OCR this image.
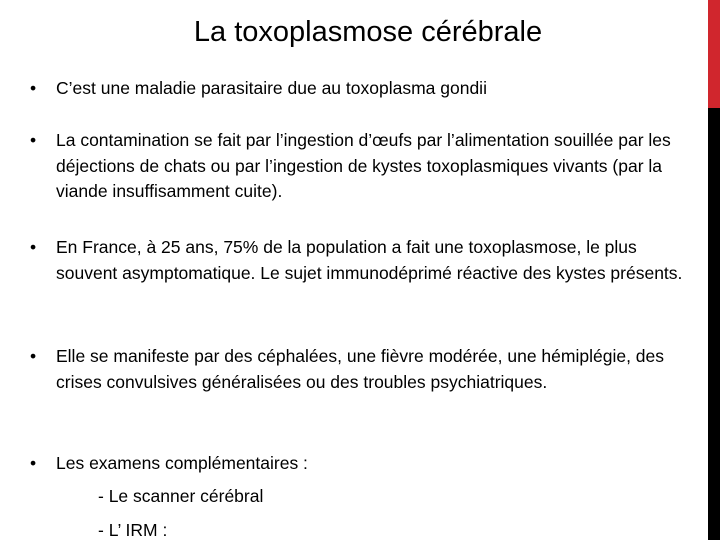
La toxoplasmose cérébrale
• C’est une maladie parasitaire due au toxoplasma gondii
• La contamination se fait par l’ingestion d’œufs par l’alimentation souillée par les déjections de chats ou par l’ingestion de kystes toxoplasmiques vivants (par la viande insuffisamment cuite).
• En France, à 25 ans, 75% de la population a fait une toxoplasmose, le plus souvent asymptomatique. Le sujet immunodéprimé réactive des kystes présents.
• Elle se manifeste par des céphalées, une fièvre modérée, une hémiplégie, des crises convulsives généralisées ou des troubles psychiatriques.
• Les examens complémentaires :
- Le scanner cérébral
- L’ IRM :
